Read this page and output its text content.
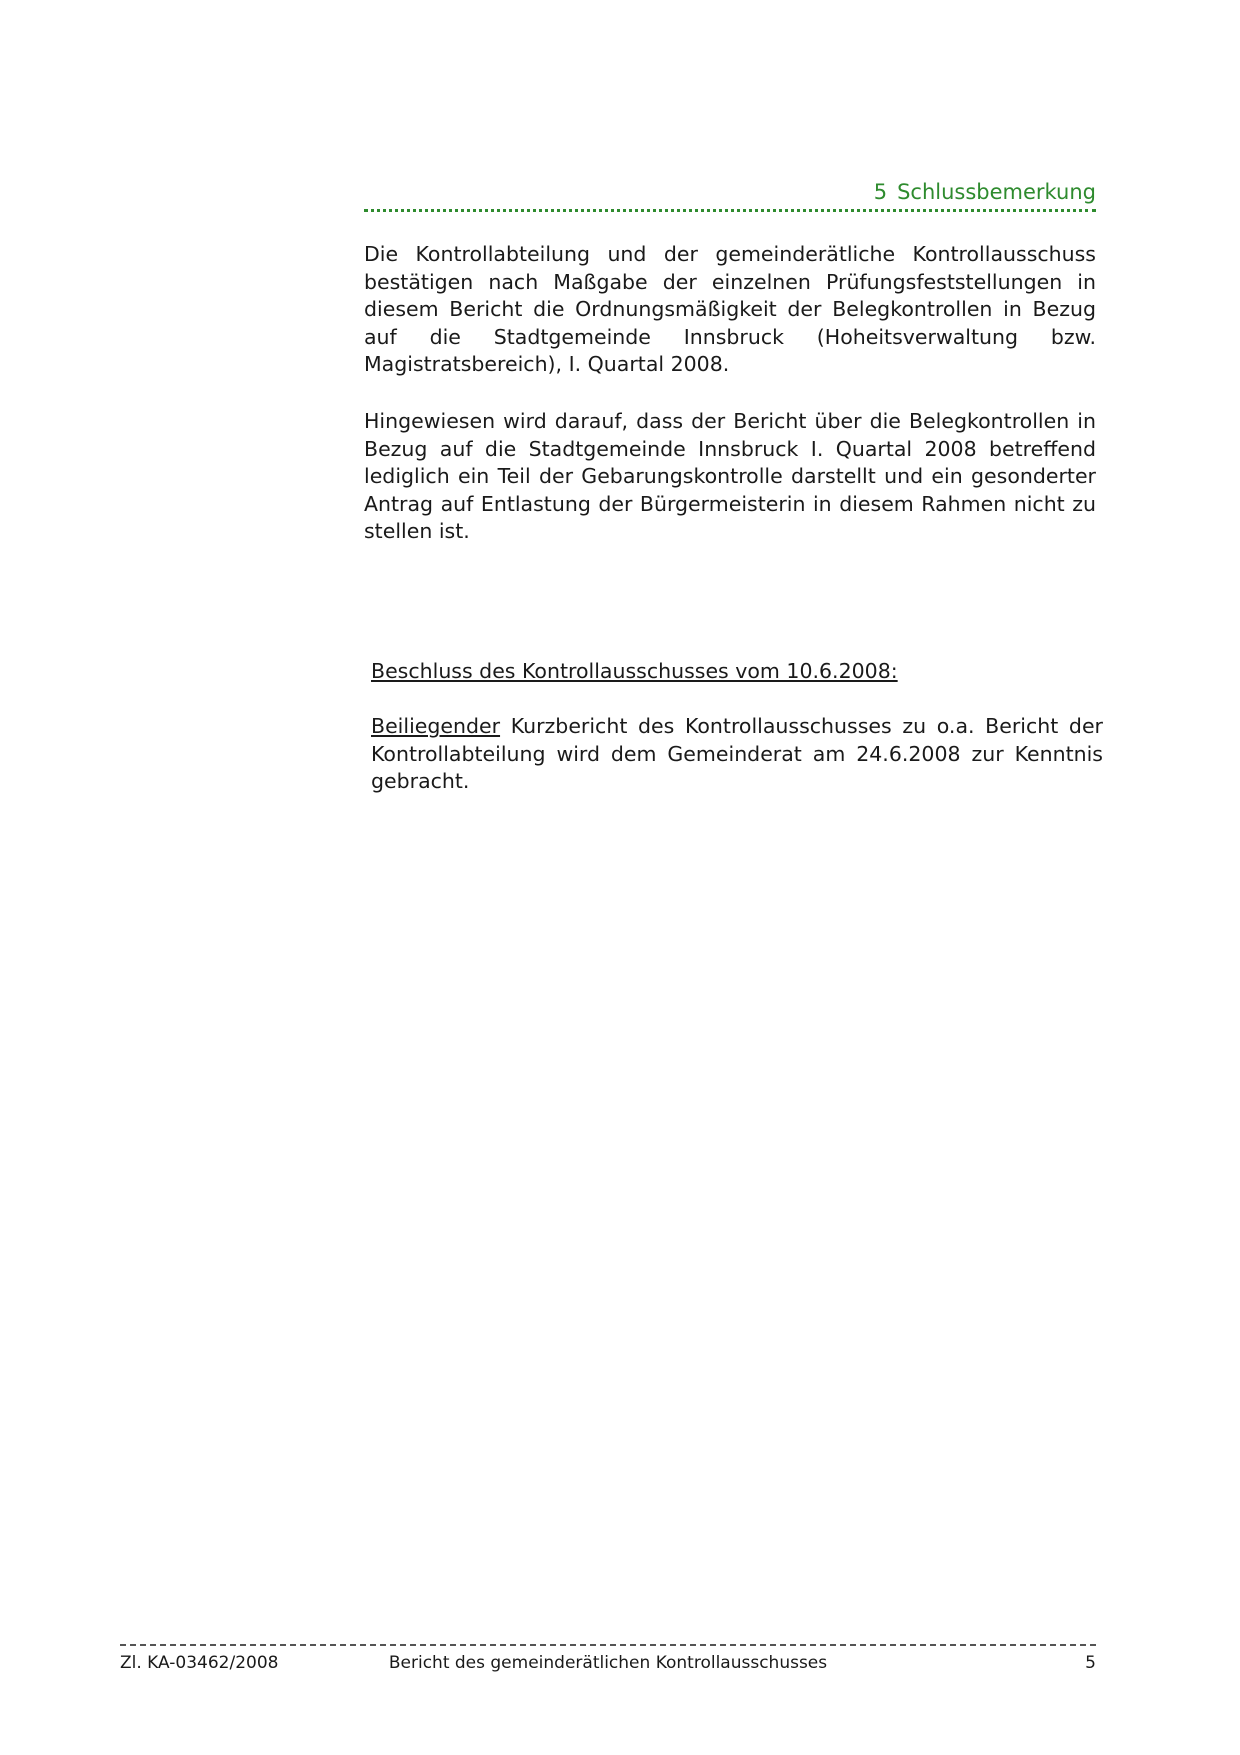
5 Schlussbemerkung

Die Kontrollabteilung und der gemeinderätliche Kontrollausschuss bestätigen nach Maßgabe der einzelnen Prüfungsfeststellungen in diesem Bericht die Ordnungsmäßigkeit der Belegkontrollen in Bezug auf die Stadtgemeinde Innsbruck (Hoheitsverwaltung bzw. Magistratsbereich), I. Quartal 2008.

Hingewiesen wird darauf, dass der Bericht über die Belegkontrollen in Bezug auf die Stadtgemeinde Innsbruck I. Quartal 2008 betreffend lediglich ein Teil der Gebarungskontrolle darstellt und ein gesonderter Antrag auf Entlastung der Bürgermeisterin in diesem Rahmen nicht zu stellen ist.

Beschluss des Kontrollausschusses vom 10.6.2008:

Beiliegender Kurzbericht des Kontrollausschusses zu o.a. Bericht der Kontrollabteilung wird dem Gemeinderat am 24.6.2008 zur Kenntnis gebracht.

Zl. KA-03462/2008	Bericht des gemeinderätlichen Kontrollausschusses	5
